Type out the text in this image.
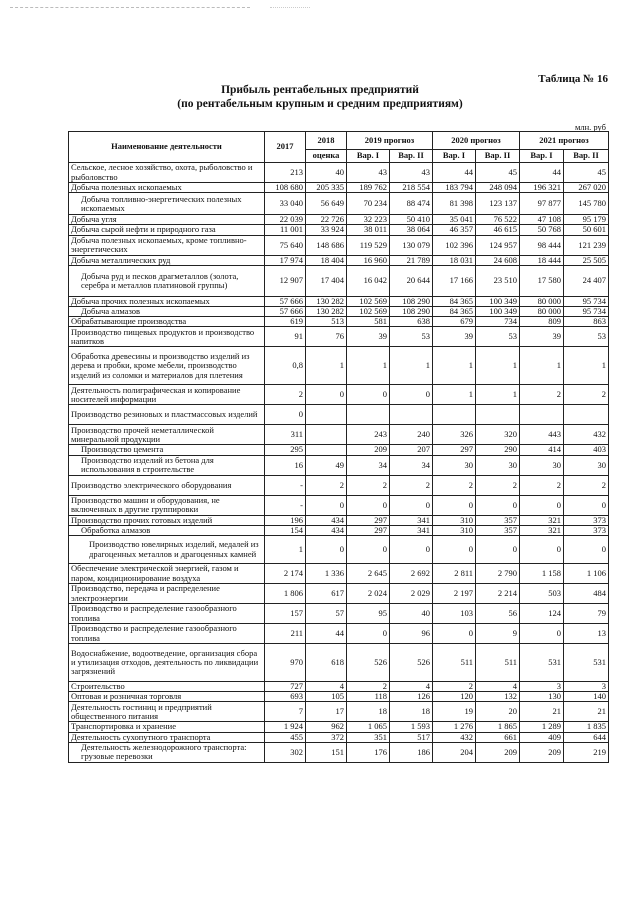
Таблица № 16
Прибыль рентабельных предприятий
(по рентабельным крупным и средним предприятиям)
млн. руб
Наименование деятельности	2017	2018	2019 прогноз		2020 прогноз		2021 прогноз	
		оценка	Вар. I	Вар. II	Вар. I	Вар. II	Вар. I	Вар. II
Сельское, лесное хозяйство, охота, рыболовство и рыболовство	213	40	43	43	44	45	44	45
Добыча полезных ископаемых	108 680	205 335	189 762	218 554	183 794	248 094	196 321	267 020
Добыча топливно-энергетических полезных ископаемых	33 040	56 649	70 234	88 474	81 398	123 137	97 877	145 780
Добыча угля	22 039	22 726	32 223	50 410	35 041	76 522	47 108	95 179
Добыча сырой нефти и природного газа	11 001	33 924	38 011	38 064	46 357	46 615	50 768	50 601
Добыча полезных ископаемых, кроме топливно-энергетических	75 640	148 686	119 529	130 079	102 396	124 957	98 444	121 239
Добыча металлических руд	17 974	18 404	16 960	21 789	18 031	24 608	18 444	25 505
Добыча руд и песков драгметаллов (золота, серебра и металлов платиновой группы)	12 907	17 404	16 042	20 644	17 166	23 510	17 580	24 407
Добыча прочих полезных ископаемых	57 666	130 282	102 569	108 290	84 365	100 349	80 000	95 734
Добыча алмазов	57 666	130 282	102 569	108 290	84 365	100 349	80 000	95 734
Обрабатывающие производства	619	513	581	638	679	734	809	863
Производство пищевых продуктов и производство напитков	91	76	39	53	39	53	39	53
Обработка древесины и производство изделий из дерева и пробки, кроме мебели, производство изделий из соломки и материалов для плетения	0,8	1	1	1	1	1	1	1
Деятельность полиграфическая и копирование носителей информации	2	0	0	0	1	1	2	2
Производство резиновых и пластмассовых изделий	0							
Производство прочей неметаллической минеральной продукции	311		243	240	326	320	443	432
Производство цемента	295		209	207	297	290	414	403
Производство изделий из бетона для использования в строительстве	16	49	34	34	30	30	30	30
Производство электрического оборудования	-	2	2	2	2	2	2	2
Производство машин и оборудования, не включенных в другие группировки	-	0	0	0	0	0	0	0
Производство прочих готовых изделий	196	434	297	341	310	357	321	373
Обработка алмазов	154	434	297	341	310	357	321	373
Производство ювелирных изделий, медалей из драгоценных металлов и драгоценных камней	1	0	0	0	0	0	0	0
Обеспечение электрической энергией, газом и паром, кондиционирование воздуха	2 174	1 336	2 645	2 692	2 811	2 790	1 158	1 106
Производство, передача и распределение электроэнергии	1 806	617	2 024	2 029	2 197	2 214	503	484
Производство и распределение газообразного топлива	157	57	95	40	103	56	124	79
Производство и распределение газообразного топлива	211	44	0	96	0	9	0	13
Водоснабжение, водоотведение, организация сбора и утилизация отходов, деятельность по ликвидации загрязнений	970	618	526	526	511	511	531	531
Строительство	727	4	2	4	2	4	3	3
Оптовая и розничная торговля	693	105	118	126	120	132	130	140
Деятельность гостиниц и предприятий общественного питания	7	17	18	18	19	20	21	21
Транспортировка и хранение	1 924	962	1 065	1 593	1 276	1 865	1 289	1 835
Деятельность сухопутного транспорта	455	372	351	517	432	661	409	644
Деятельность железнодорожного транспорта: грузовые перевозки	302	151	176	186	204	209	209	219
